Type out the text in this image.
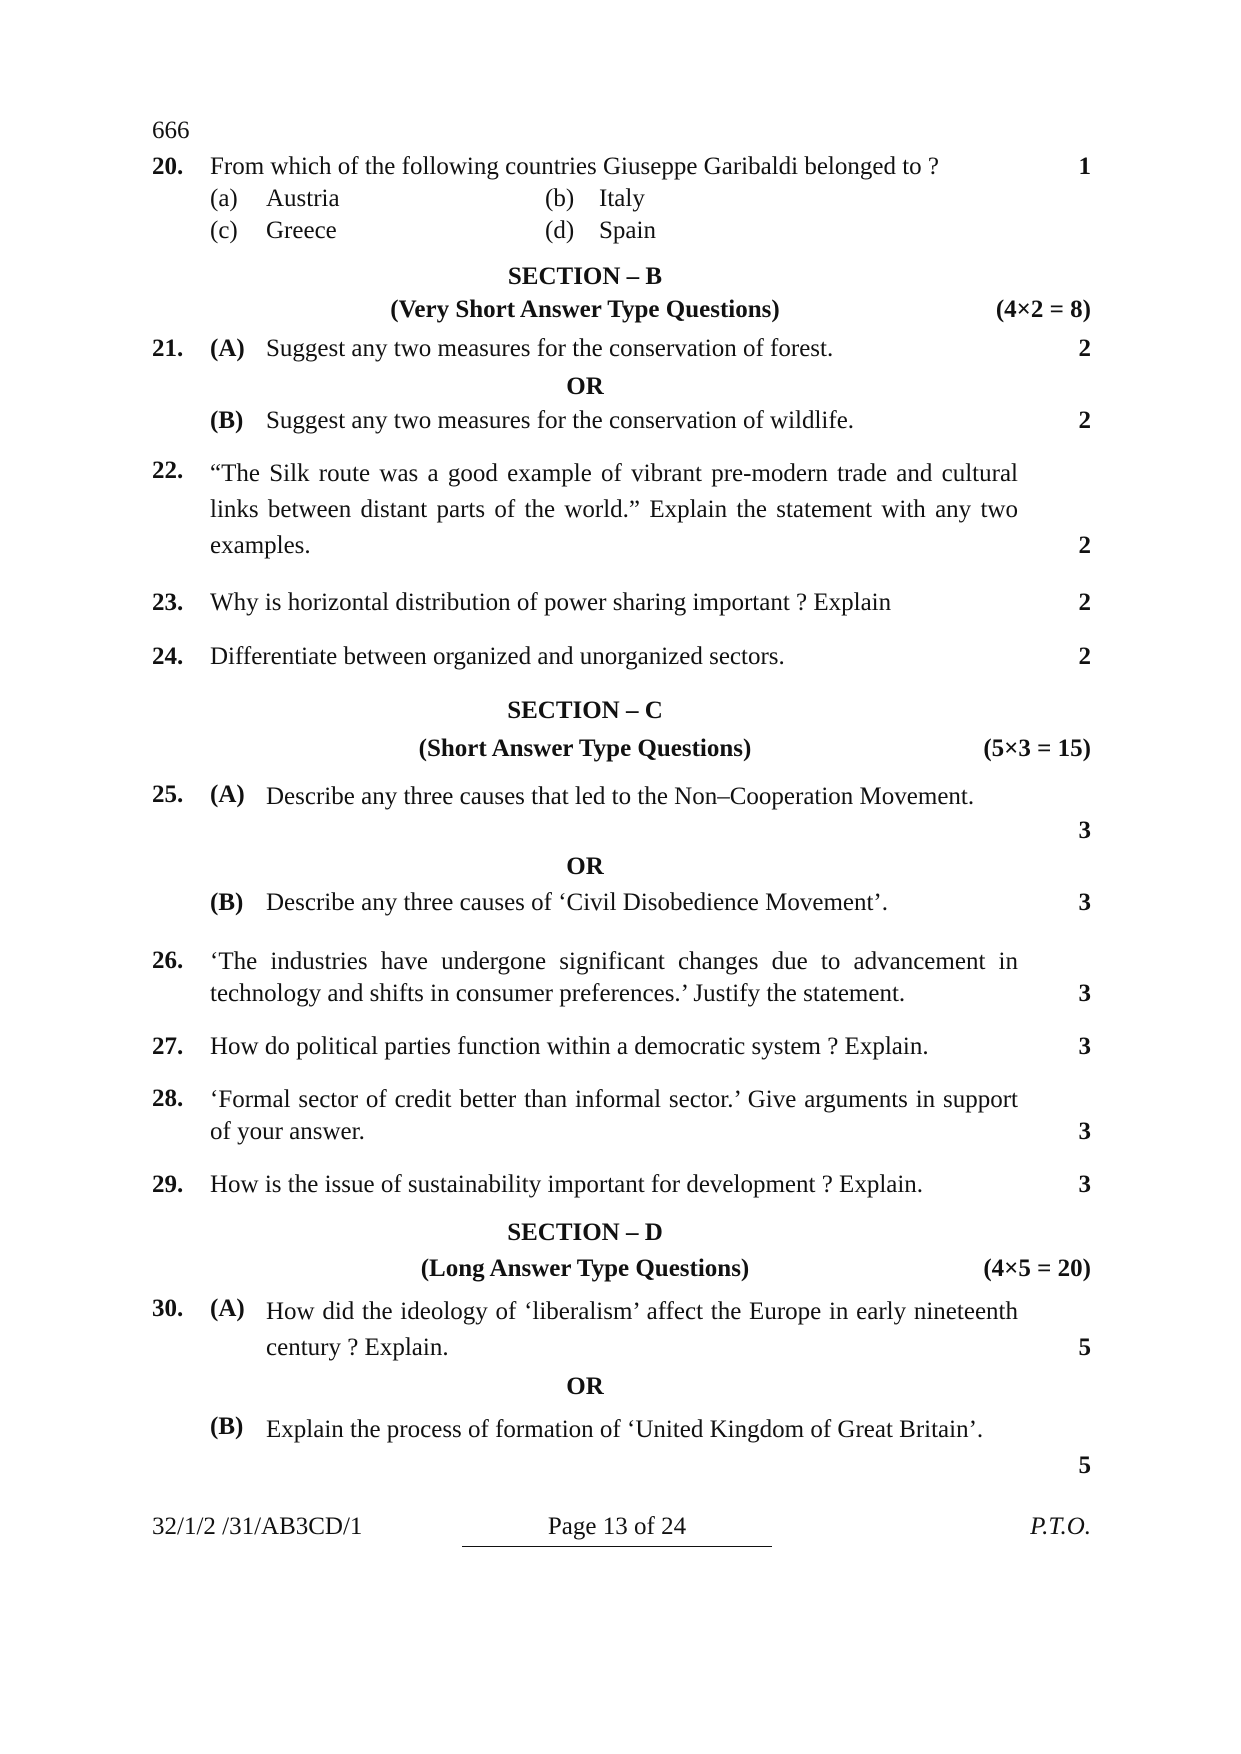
666
20.	From which of the following countries Giuseppe Garibaldi belonged to ?	1
(a) Austria	(b) Italy
(c) Greece	(d) Spain
SECTION – B
(Very Short Answer Type Questions)	(4×2 = 8)
21.	(A) Suggest any two measures for the conservation of forest.	2
OR
(B) Suggest any two measures for the conservation of wildlife.	2
22.	“The Silk route was a good example of vibrant pre-modern trade and cultural links between distant parts of the world.” Explain the statement with any two examples.	2
23.	Why is horizontal distribution of power sharing important ? Explain	2
24.	Differentiate between organized and unorganized sectors.	2
SECTION – C
(Short Answer Type Questions)	(5×3 = 15)
25.	(A) Describe any three causes that led to the Non–Cooperation Movement.
3
OR
(B) Describe any three causes of ‘Civil Disobedience Movement’.	3
26.	‘The industries have undergone significant changes due to advancement in technology and shifts in consumer preferences.’ Justify the statement.	3
27.	How do political parties function within a democratic system ? Explain.	3
28.	‘Formal sector of credit better than informal sector.’ Give arguments in support of your answer.	3
29.	How is the issue of sustainability important for development ? Explain.	3
SECTION – D
(Long Answer Type Questions)	(4×5 = 20)
30.	(A) How did the ideology of ‘liberalism’ affect the Europe in early nineteenth century ? Explain.	5
OR
(B) Explain the process of formation of ‘United Kingdom of Great Britain’.
5
32/1/2 /31/AB3CD/1	Page 13 of 24	P.T.O.
